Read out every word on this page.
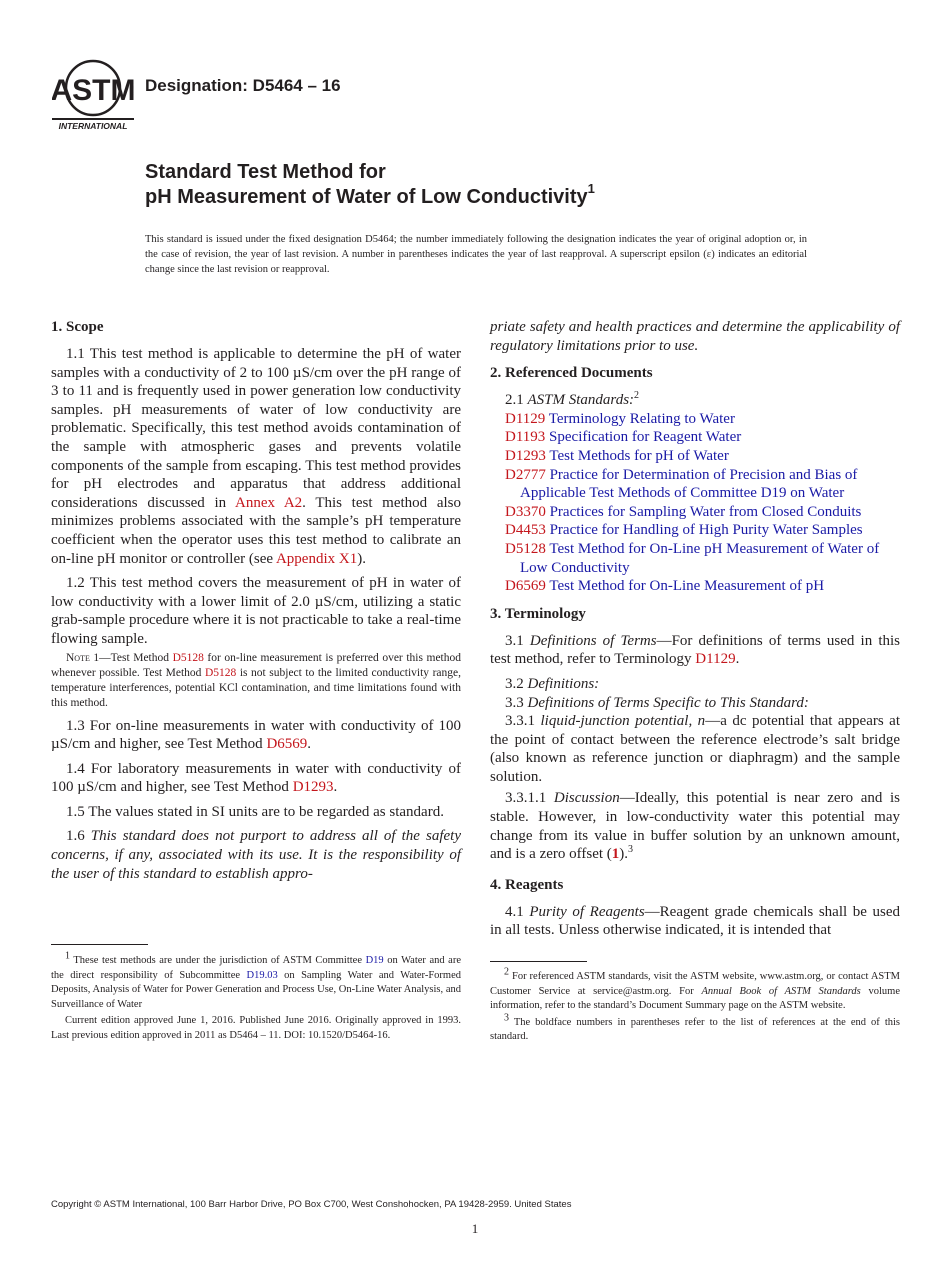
ASTM
INTERNATIONAL
Designation: D5464 – 16
Standard Test Method for
pH Measurement of Water of Low Conductivity$^1$
This standard is issued under the fixed designation D5464; the number immediately following the designation indicates the year of original adoption or, in the case of revision, the year of last revision. A number in parentheses indicates the year of last reapproval. A superscript epsilon (ε) indicates an editorial change since the last revision or reapproval.
1. Scope

1.1 This test method is applicable to determine the pH of water samples with a conductivity of 2 to 100 µS/cm over the pH range of 3 to 11 and is frequently used in power generation low conductivity samples. pH measurements of water of low conductivity are problematic. Specifically, this test method avoids contamination of the sample with atmospheric gases and prevents volatile components of the sample from escaping. This test method provides for pH electrodes and apparatus that address additional considerations discussed in Annex A2. This test method also minimizes problems associated with the sample’s pH temperature coefficient when the operator uses this test method to calibrate an on-line pH monitor or controller (see Appendix X1).

1.2 This test method covers the measurement of pH in water of low conductivity with a lower limit of 2.0 µS/cm, utilizing a static grab-sample procedure where it is not practicable to take a real-time flowing sample.

Note 1—Test Method D5128 for on-line measurement is preferred over this method whenever possible. Test Method D5128 is not subject to the limited conductivity range, temperature interferences, potential KCl contamination, and time limitations found with this method.

1.3 For on-line measurements in water with conductivity of 100 µS/cm and higher, see Test Method D6569.

1.4 For laboratory measurements in water with conductivity of 100 µS/cm and higher, see Test Method D1293.

1.5 The values stated in SI units are to be regarded as standard.

1.6 This standard does not purport to address all of the safety concerns, if any, associated with its use. It is the responsibility of the user of this standard to establish appro-

$^1$ These test methods are under the jurisdiction of ASTM Committee D19 on Water and are the direct responsibility of Subcommittee D19.03 on Sampling Water and Water-Formed Deposits, Analysis of Water for Power Generation and Process Use, On-Line Water Analysis, and Surveillance of Water

Current edition approved June 1, 2016. Published June 2016. Originally approved in 1993. Last previous edition approved in 2011 as D5464 – 11. DOI: 10.1520/D5464-16.

priate safety and health practices and determine the applicability of regulatory limitations prior to use.

2. Referenced Documents

2.1 ASTM Standards:$^2$

D1129 Terminology Relating to Water

D1193 Specification for Reagent Water

D1293 Test Methods for pH of Water

D2777 Practice for Determination of Precision and Bias of Applicable Test Methods of Committee D19 on Water

D3370 Practices for Sampling Water from Closed Conduits

D4453 Practice for Handling of High Purity Water Samples

D5128 Test Method for On-Line pH Measurement of Water of Low Conductivity

D6569 Test Method for On-Line Measurement of pH

3. Terminology

3.1 Definitions of Terms—For definitions of terms used in this test method, refer to Terminology D1129.

3.2 Definitions:

3.3 Definitions of Terms Specific to This Standard:

3.3.1 liquid-junction potential, n—a dc potential that appears at the point of contact between the reference electrode’s salt bridge (also known as reference junction or diaphragm) and the sample solution.

3.3.1.1 Discussion—Ideally, this potential is near zero and is stable. However, in low-conductivity water this potential may change from its value in buffer solution by an unknown amount, and is a zero offset (1).$^3$

4. Reagents

4.1 Purity of Reagents—Reagent grade chemicals shall be used in all tests. Unless otherwise indicated, it is intended that

$^2$ For referenced ASTM standards, visit the ASTM website, www.astm.org, or contact ASTM Customer Service at service@astm.org. For Annual Book of ASTM Standards volume information, refer to the standard’s Document Summary page on the ASTM website.

$^3$ The boldface numbers in parentheses refer to the list of references at the end of this standard.

Copyright © ASTM International, 100 Barr Harbor Drive, PO Box C700, West Conshohocken, PA 19428-2959. United States
1
